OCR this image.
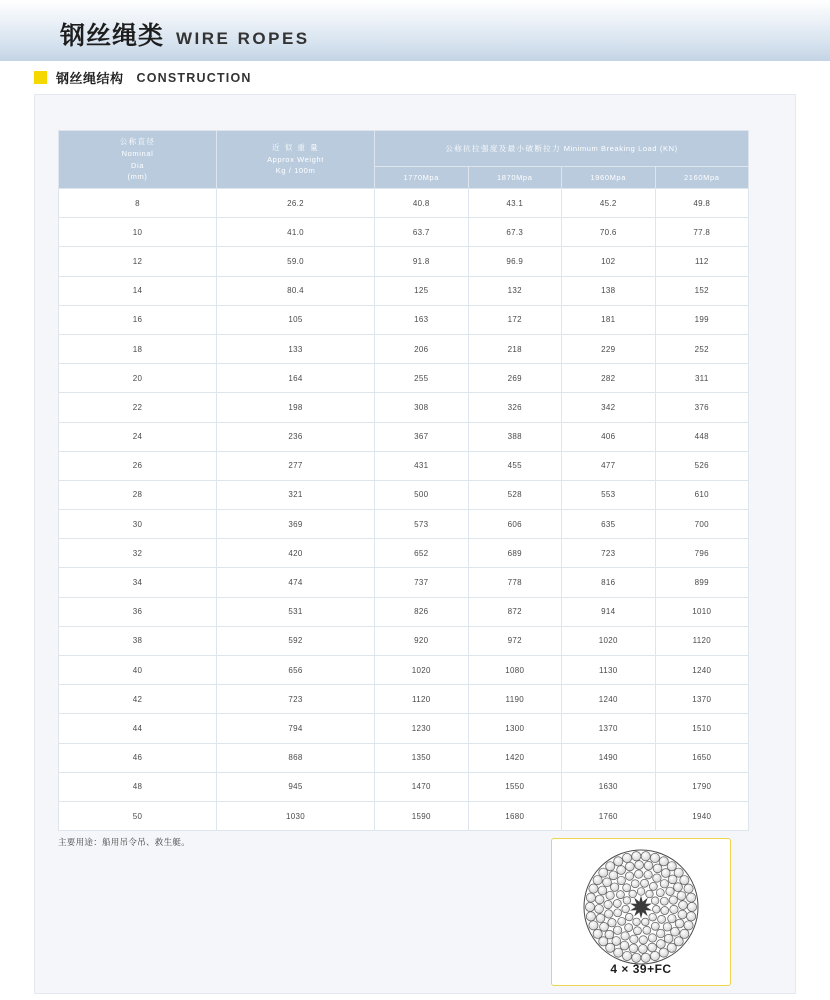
钢丝绳类 WIRE ROPES
钢丝绳结构 CONSTRUCTION
公称直径
Nominal
Dia
(mm)	近 似 重 量
Approx Weight
Kg / 100m	公称抗拉强度及最小破断拉力 Minimum Breaking Load (KN)			
		1770Mpa	1870Mpa	1960Mpa	2160Mpa
8	26.2	40.8	43.1	45.2	49.8
10	41.0	63.7	67.3	70.6	77.8
12	59.0	91.8	96.9	102	112
14	80.4	125	132	138	152
16	105	163	172	181	199
18	133	206	218	229	252
20	164	255	269	282	311
22	198	308	326	342	376
24	236	367	388	406	448
26	277	431	455	477	526
28	321	500	528	553	610
30	369	573	606	635	700
32	420	652	689	723	796
34	474	737	778	816	899
36	531	826	872	914	1010
38	592	920	972	1020	1120
40	656	1020	1080	1130	1240
42	723	1120	1190	1240	1370
44	794	1230	1300	1370	1510
46	868	1350	1420	1490	1650
48	945	1470	1550	1630	1790
50	1030	1590	1680	1760	1940
主要用途：船用吊令吊、救生艇。
4 × 39+FC
